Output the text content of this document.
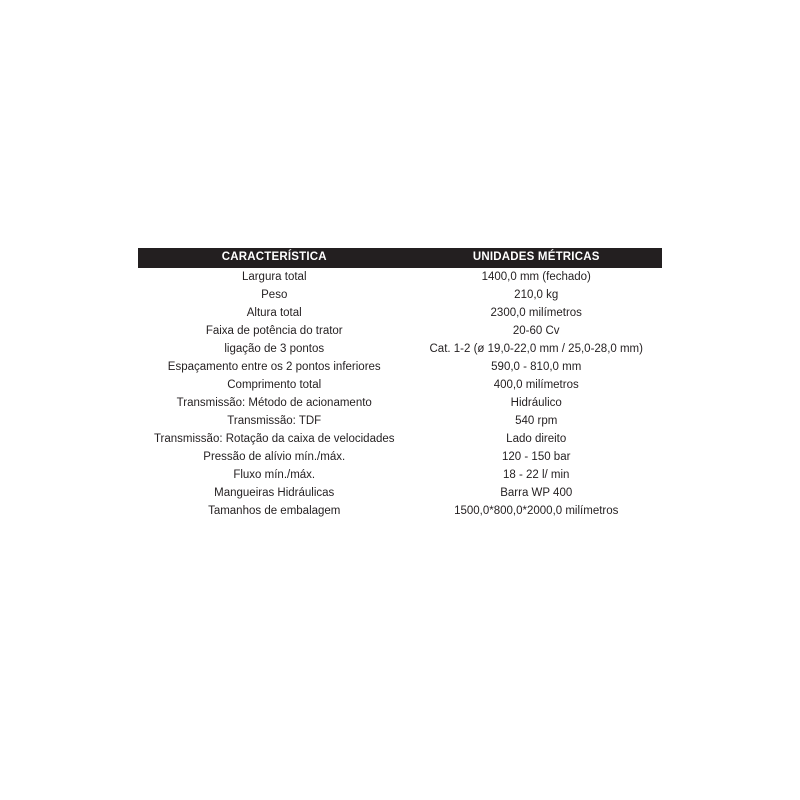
CARACTERÍSTICA	UNIDADES MÉTRICAS
Largura total	1400,0 mm (fechado)
Peso	210,0 kg
Altura total	2300,0 milímetros
Faixa de potência do trator	20-60 Cv
ligação de 3 pontos	Cat. 1-2 (ø 19,0-22,0 mm / 25,0-28,0 mm)
Espaçamento entre os 2 pontos inferiores	590,0 - 810,0 mm
Comprimento total	400,0 milímetros
Transmissão: Método de acionamento	Hidráulico
Transmissão: TDF	540 rpm
Transmissão: Rotação da caixa de velocidades	Lado direito
Pressão de alívio mín./máx.	120 - 150 bar
Fluxo mín./máx.	18 - 22 l/ min
Mangueiras Hidráulicas	Barra WP 400
Tamanhos de embalagem	1500,0*800,0*2000,0 milímetros
